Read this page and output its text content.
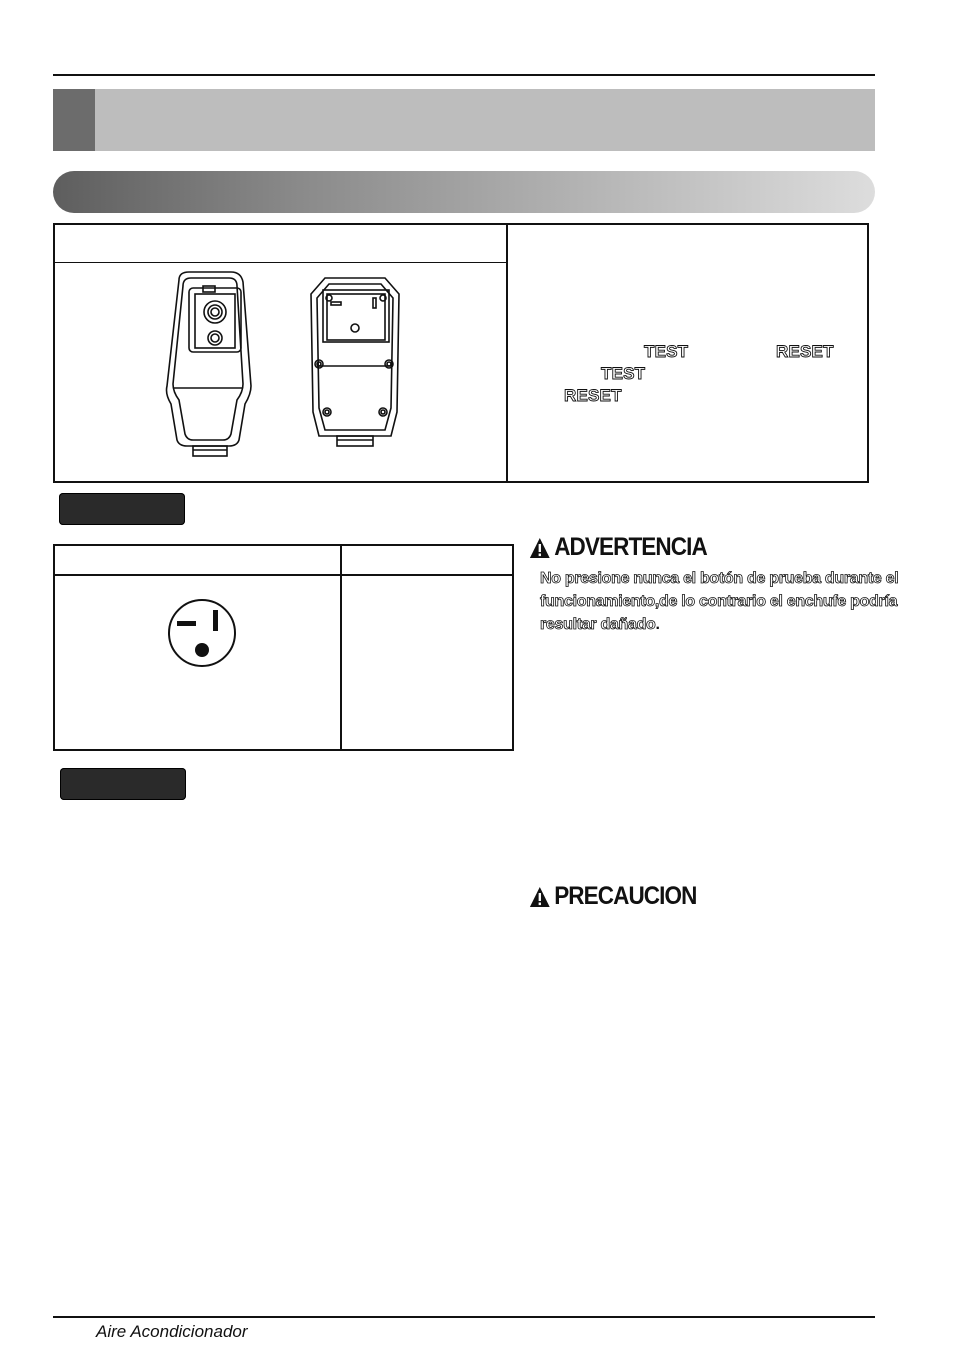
TEST	RESET
TEST
RESET
ADVERTENCIA
No presione nunca el botón de prueba durante el funcionamiento,de lo contrario el enchufe podría resultar dañado.
PRECAUCION
Aire Acondicionador
